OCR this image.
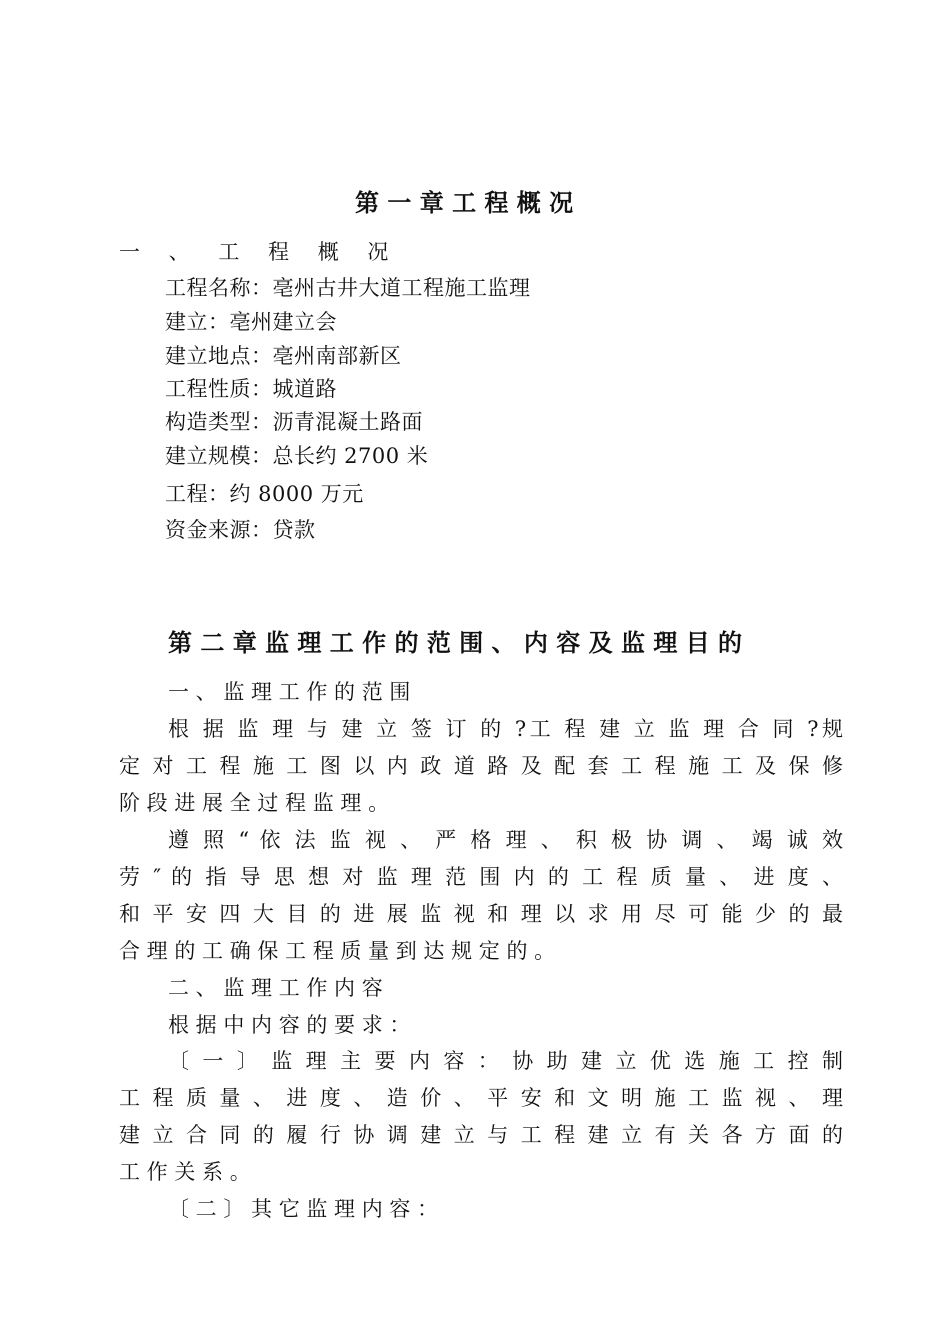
第 一 章 工 程 概 况
一 、 工 程 概 况
工程名称：亳州古井大道工程施工监理
建立：亳州建立会
建立地点：亳州南部新区
工程性质：城道路
构造类型：沥青混凝土路面
建立规模：总长约 2700 米
工程：约 8000 万元
资金来源：贷款
第 二 章 监 理 工 作 的 范 围 、 内 容 及 监 理 目 的
一 、 监 理 工 作 的 范 围
根 据 监 理 与 建 立 签 订 的 ?工 程 建 立 监 理 合 同 ?规
定 对 工 程 施 工 图 以 内 政 道 路 及 配 套 工 程 施 工 及 保 修
阶 段 进 展 全 过 程 监 理 。
遵 照 “ 依 法 监 视 、 严 格 理 、 积 极 协 调 、 竭 诚 效
劳 ″ 的 指 导 思 想 对 监 理 范 围 内 的 工 程 质 量 、 进 度 、
和 平 安 四 大 目 的 进 展 监 视 和 理 以 求 用 尽 可 能 少 的 最
合 理 的 工 确 保 工 程 质 量 到 达 规 定 的 。
二 、 监 理 工 作 内 容
根 据 中 内 容 的 要 求 ：
〔 一 〕 监 理 主 要 内 容 ： 协 助 建 立 优 选 施 工 控 制
工 程 质 量 、 进 度 、 造 价 、 平 安 和 文 明 施 工 监 视 、 理
建 立 合 同 的 履 行 协 调 建 立 与 工 程 建 立 有 关 各 方 面 的
工 作 关 系 。
〔 二 〕 其 它 监 理 内 容 ：
